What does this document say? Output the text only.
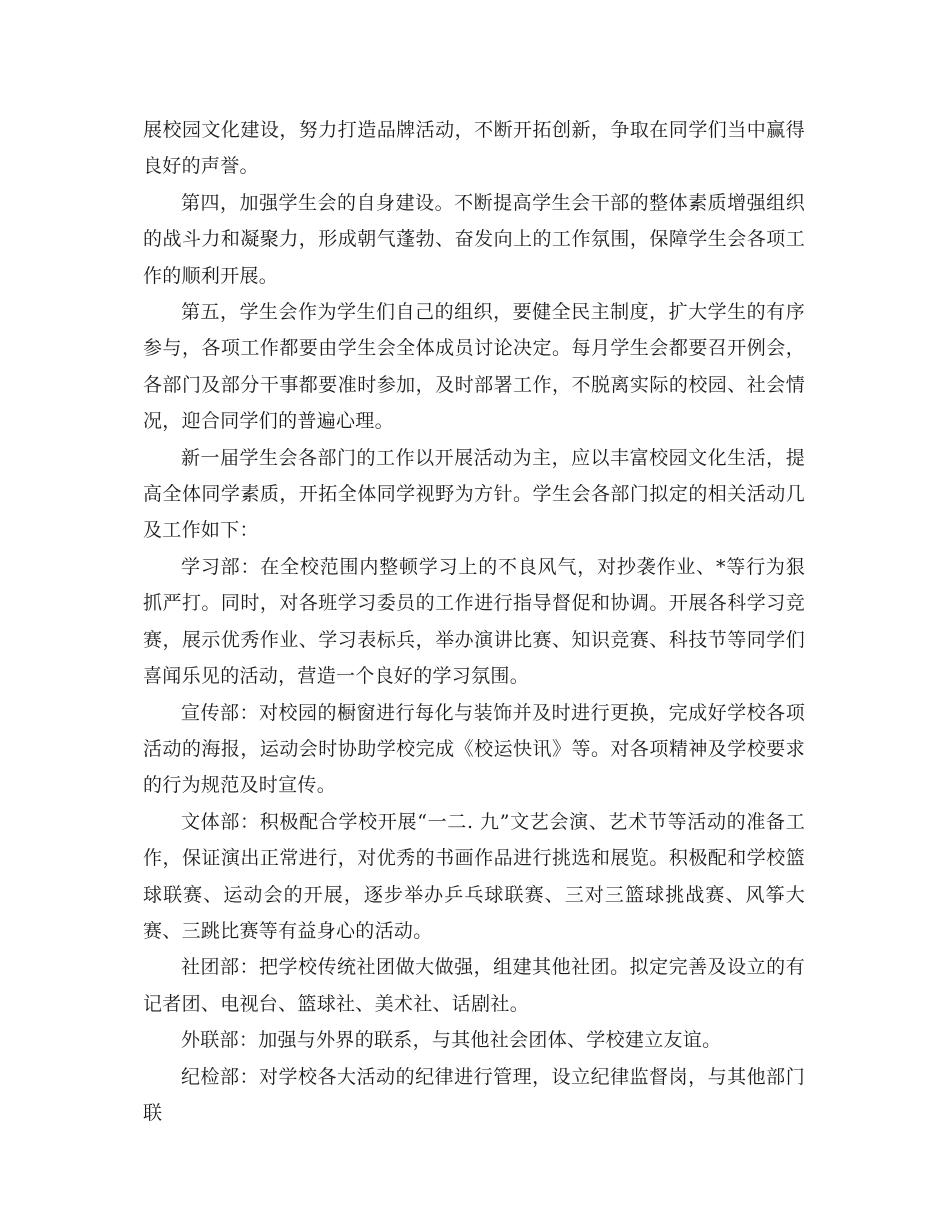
展校园文化建设，努力打造品牌活动，不断开拓创新，争取在同学们当中赢得良好的声誉。

第四，加强学生会的自身建设。不断提高学生会干部的整体素质增强组织的战斗力和凝聚力，形成朝气蓬勃、奋发向上的工作氛围，保障学生会各项工作的顺利开展。

第五，学生会作为学生们自己的组织，要健全民主制度，扩大学生的有序参与，各项工作都要由学生会全体成员讨论决定。每月学生会都要召开例会，各部门及部分干事都要准时参加，及时部署工作，不脱离实际的校园、社会情况，迎合同学们的普遍心理。

新一届学生会各部门的工作以开展活动为主，应以丰富校园文化生活，提高全体同学素质，开拓全体同学视野为方针。学生会各部门拟定的相关活动几及工作如下：

学习部：在全校范围内整顿学习上的不良风气，对抄袭作业、*等行为狠抓严打。同时，对各班学习委员的工作进行指导督促和协调。开展各科学习竞赛，展示优秀作业、学习表标兵，举办演讲比赛、知识竞赛、科技节等同学们喜闻乐见的活动，营造一个良好的学习氛围。

宣传部：对校园的橱窗进行每化与装饰并及时进行更换，完成好学校各项活动的海报，运动会时协助学校完成《校运快讯》等。对各项精神及学校要求的行为规范及时宣传。

文体部：积极配合学校开展“一二. 九”文艺会演、艺术节等活动的准备工作，保证演出正常进行，对优秀的书画作品进行挑选和展览。积极配和学校篮球联赛、运动会的开展，逐步举办乒乓球联赛、三对三篮球挑战赛、风筝大赛、三跳比赛等有益身心的活动。

社团部：把学校传统社团做大做强，组建其他社团。拟定完善及设立的有记者团、电视台、篮球社、美术社、话剧社。

外联部：加强与外界的联系，与其他社会团体、学校建立友谊。

纪检部：对学校各大活动的纪律进行管理，设立纪律监督岗，与其他部门联
